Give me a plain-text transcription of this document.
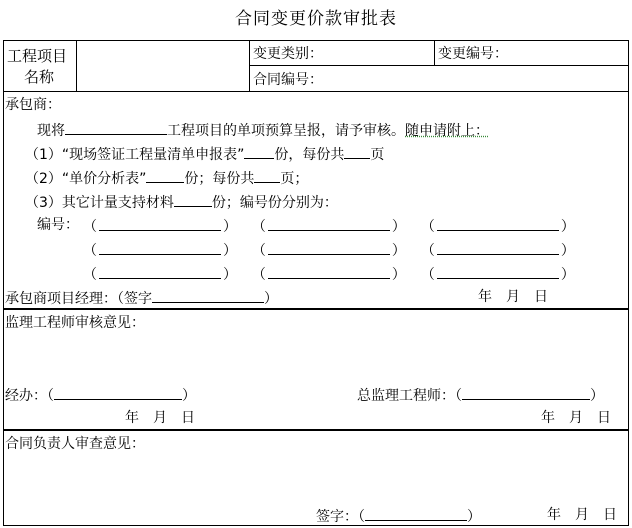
合同变更价款审批表
工程项目
名称
变更类别：	变更编号：
合同编号：
承包商：
现将	工程项目的单项预算呈报，请予审核。随申请附上：
（1）“现场签证工程量清单申报表” 份，每份共 页
（2）“单价分析表”	份；每份共 页；
（3）其它计量支持材料	份；编号份分别为：
编号： （	） （	） （	）
（	） （	） （	）
（	） （	） （	）
承包商项目经理：（签字	）	年　月　日
监理工程师审核意见：
经办：（	）	总监理工程师：（	）
年　月　日	年　月　日
合同负责人审查意见：
签字：（	）	年　月　日
